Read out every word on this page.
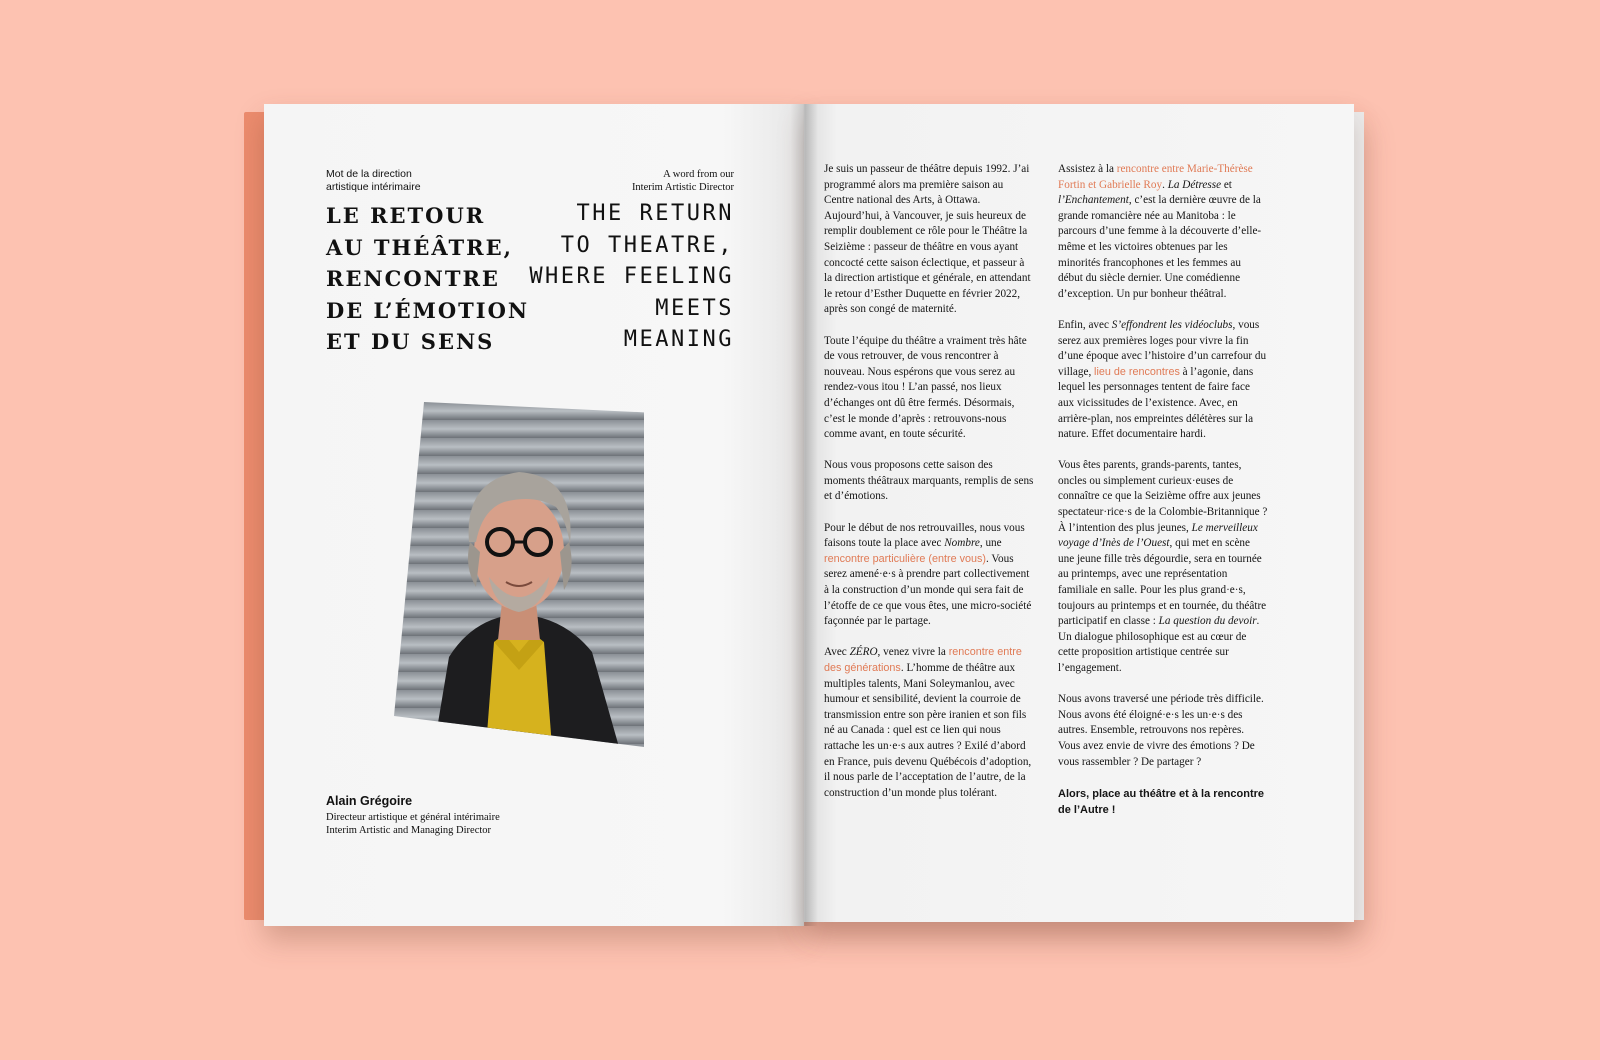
Mot de la direction
artistique intérimaire
A word from our
Interim Artistic Director
LE RETOUR
AU THÉÂTRE,
RENCONTRE
DE L’ÉMOTION
ET DU SENS
THE RETURN
TO THEATRE,
WHERE FEELING
MEETS
MEANING

Alain Grégoire

Directeur artistique et général intérimaire

Interim Artistic and Managing Director

Je suis un passeur de théâtre depuis 1992. J’ai programmé alors ma première saison au Centre national des Arts, à Ottawa. Aujourd’hui, à Vancouver, je suis heureux de remplir doublement ce rôle pour le Théâtre la Seizième : passeur de théâtre en vous ayant concocté cette saison éclectique, et passeur à la direction artistique et générale, en attendant le retour d’Esther Duquette en février 2022, après son congé de maternité.

Toute l’équipe du théâtre a vraiment très hâte de vous retrouver, de vous rencontrer à nouveau. Nous espérons que vous serez au rendez-vous itou ! L’an passé, nos lieux d’échanges ont dû être fermés. Désormais, c’est le monde d’après : retrouvons-nous comme avant, en toute sécurité.

Nous vous proposons cette saison des moments théâtraux marquants, remplis de sens et d’émotions.

Pour le début de nos retrouvailles, nous vous faisons toute la place avec Nombre, une rencontre particulière (entre vous). Vous serez amené·e·s à prendre part collectivement à la construction d’un monde qui sera fait de l’étoffe de ce que vous êtes, une micro-société façonnée par le partage.

Avec ZÉRO, venez vivre la rencontre entre des générations. L’homme de théâtre aux multiples talents, Mani Soleymanlou, avec humour et sensibilité, devient la courroie de transmission entre son père iranien et son fils né au Canada : quel est ce lien qui nous rattache les un·e·s aux autres ? Exilé d’abord en France, puis devenu Québécois d’adoption, il nous parle de l’acceptation de l’autre, de la construction d’un monde plus tolérant.

Assistez à la rencontre entre Marie-Thérèse Fortin et Gabrielle Roy. La Détresse et l’Enchantement, c’est la dernière œuvre de la grande romancière née au Manitoba : le parcours d’une femme à la découverte d’elle-même et les victoires obtenues par les minorités francophones et les femmes au début du siècle dernier. Une comédienne d’exception. Un pur bonheur théâtral.

Enfin, avec S’effondrent les vidéoclubs, vous serez aux premières loges pour vivre la fin d’une époque avec l’histoire d’un carrefour du village, lieu de rencontres à l’agonie, dans lequel les personnages tentent de faire face aux vicissitudes de l’existence. Avec, en arrière-plan, nos empreintes délétères sur la nature. Effet documentaire hardi.

Vous êtes parents, grands-parents, tantes, oncles ou simplement curieux·euses de connaître ce que la Seizième offre aux jeunes spectateur·rice·s de la Colombie-Britannique ? À l’intention des plus jeunes, Le merveilleux voyage d’Inès de l’Ouest, qui met en scène une jeune fille très dégourdie, sera en tournée au printemps, avec une représentation familiale en salle. Pour les plus grand·e·s, toujours au printemps et en tournée, du théâtre participatif en classe : La question du devoir. Un dialogue philosophique est au cœur de cette proposition artistique centrée sur l’engagement.

Nous avons traversé une période très difficile. Nous avons été éloigné·e·s les un·e·s des autres. Ensemble, retrouvons nos repères. Vous avez envie de vivre des émotions ? De vous rassembler ? De partager ?

Alors, place au théâtre et à la rencontre de l’Autre !
